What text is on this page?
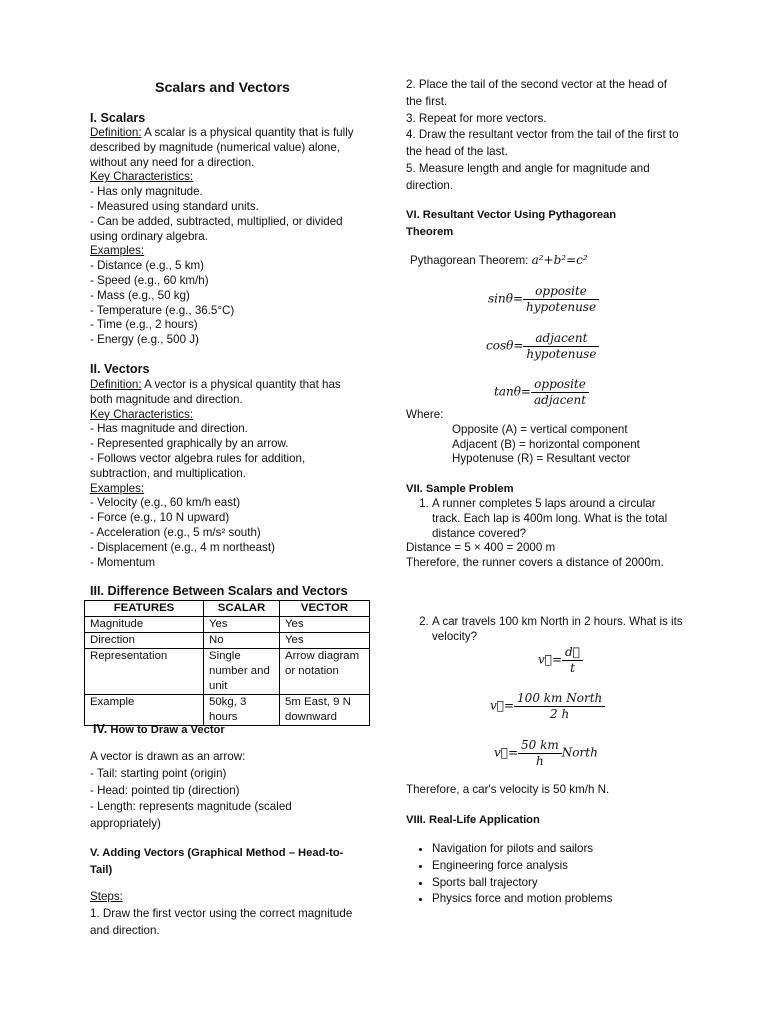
Scalars and Vectors
I. Scalars
Definition: A scalar is a physical quantity that is fully described by magnitude (numerical value) alone, without any need for a direction.
Key Characteristics:
- Has only magnitude.
- Measured using standard units.
- Can be added, subtracted, multiplied, or divided using ordinary algebra.
Examples:
- Distance (e.g., 5 km)
- Speed (e.g., 60 km/h)
- Mass (e.g., 50 kg)
- Temperature (e.g., 36.5°C)
- Time (e.g., 2 hours)
- Energy (e.g., 500 J)
II. Vectors
Definition: A vector is a physical quantity that has both magnitude and direction.
Key Characteristics:
- Has magnitude and direction.
- Represented graphically by an arrow.
- Follows vector algebra rules for addition, subtraction, and multiplication.
Examples:
- Velocity (e.g., 60 km/h east)
- Force (e.g., 10 N upward)
- Acceleration (e.g., 5 m/s² south)
- Displacement (e.g., 4 m northeast)
- Momentum
III. Difference Between Scalars and Vectors
IV. How to Draw a Vector
A vector is drawn as an arrow:
- Tail: starting point (origin)
- Head: pointed tip (direction)
- Length: represents magnitude (scaled appropriately)
V. Adding Vectors (Graphical Method – Head-to-Tail)
Steps:
1. Draw the first vector using the correct magnitude and direction.
FEATURES	SCALAR	VECTOR
Magnitude	Yes	Yes
Direction	No	Yes
Representation	Single number and unit	Arrow diagram or notation
Example	50kg, 3 hours	5m East, 9 N downward
2. Place the tail of the second vector at the head of the first.
3. Repeat for more vectors.
4. Draw the resultant vector from the tail of the first to the head of the last.
5. Measure length and angle for magnitude and direction.
VI. Resultant Vector Using Pythagorean Theorem
Pythagorean Theorem: a²+b²=c²
$\sin\theta= \frac{\text{opposite}}{\text{hypotenuse}}$
$\cos\theta= \frac{\text{adjacent}}{\text{hypotenuse}}$
$\tan\theta= \frac{\text{opposite}}{\text{adjacent}}$
Where:
Opposite (A) = vertical component
Adjacent (B) = horizontal component
Hypotenuse (R) = Resultant vector
VII. Sample Problem
1. A runner completes 5 laps around a circular track. Each lap is 400m long. What is the total distance covered?
Distance = 5 × 400 = 2000 m
Therefore, the runner covers a distance of 2000m.
2. A car travels 100 km North in 2 hours. What is its velocity?
v⃗= $\frac{d⃗}{t}$
v⃗= $\frac{\text{100 km North}}{2 h}$
v⃗= $\frac{50 km}{h}$ North
Therefore, a car's velocity is 50 km/h N.
VIII. Real-Life Application
• Navigation for pilots and sailors
• Engineering force analysis
• Sports ball trajectory
• Physics force and motion problems
